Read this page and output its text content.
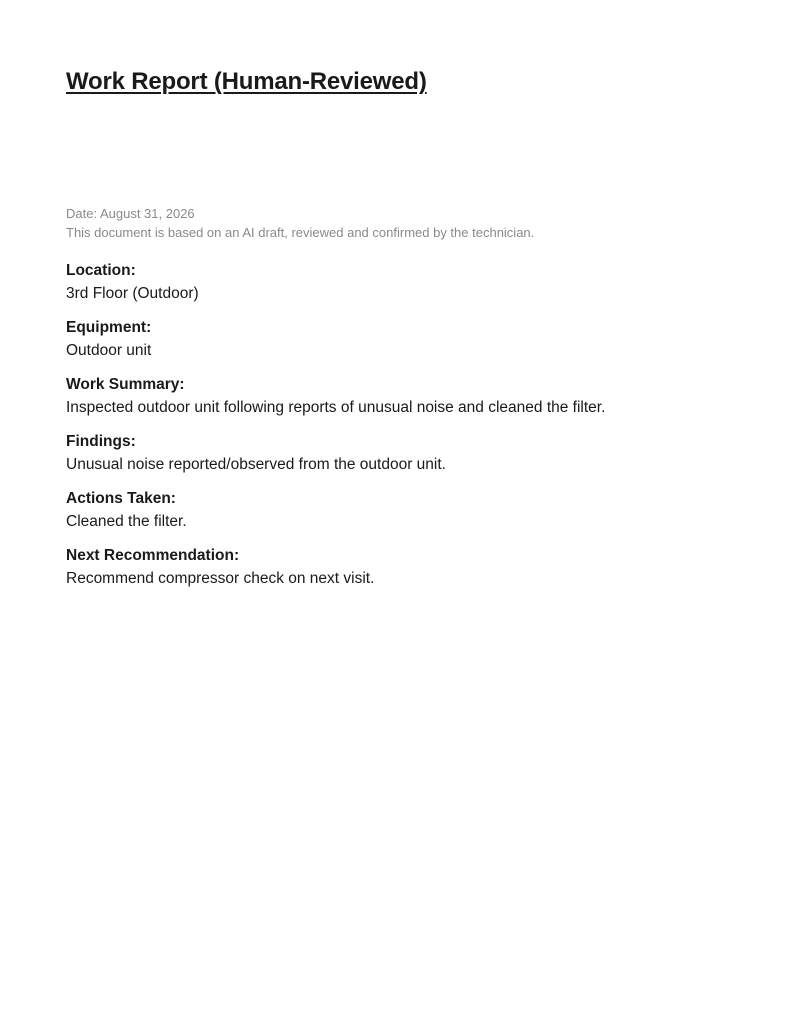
Work Report (Human-Reviewed)
Date: August 31, 2026
This document is based on an AI draft, reviewed and confirmed by the technician.
Location:
3rd Floor (Outdoor)
Equipment:
Outdoor unit
Work Summary:
Inspected outdoor unit following reports of unusual noise and cleaned the filter.
Findings:
Unusual noise reported/observed from the outdoor unit.
Actions Taken:
Cleaned the filter.
Next Recommendation:
Recommend compressor check on next visit.
